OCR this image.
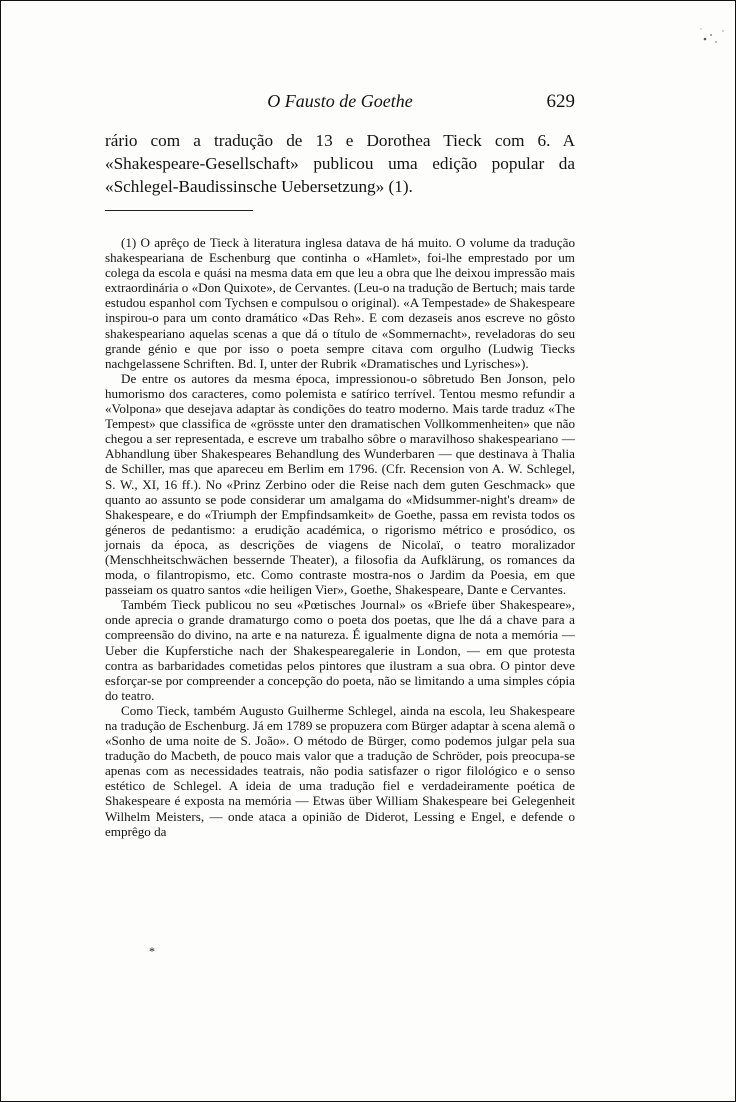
O Fausto de Goethe	629

rário com a tradução de 13 e Dorothea Tieck com 6. A «Shakespeare-Gesellschaft» publicou uma edição popular da «Schlegel-Baudissinsche Uebersetzung» (1).

(1) O aprêço de Tieck à literatura inglesa datava de há muito. O volume da tradução shakespeariana de Eschenburg que continha o «Hamlet», foi-lhe emprestado por um colega da escola e quási na mesma data em que leu a obra que lhe deixou impressão mais extraordinária o «Don Quixote», de Cervantes. (Leu-o na tradução de Bertuch; mais tarde estudou espanhol com Tychsen e compulsou o original). «A Tempestade» de Shakespeare inspirou-o para um conto dramático «Das Reh». E com dezaseis anos escreve no gôsto shakespeariano aquelas scenas a que dá o título de «Sommernacht», reveladoras do seu grande génio e que por isso o poeta sempre citava com orgulho (Ludwig Tiecks nachgelassene Schriften. Bd. I, unter der Rubrik «Dramatisches und Lyrisches»).

De entre os autores da mesma época, impressionou-o sôbretudo Ben Jonson, pelo humorismo dos caracteres, como polemista e satírico terrível. Tentou mesmo refundir a «Volpona» que desejava adaptar às condições do teatro moderno. Mais tarde traduz «The Tempest» que classifica de «grösste unter den dramatischen Vollkommenheiten» que não chegou a ser representada, e escreve um trabalho sôbre o maravilhoso shakespeariano — Abhandlung über Shakespeares Behandlung des Wunderbaren — que destinava à Thalia de Schiller, mas que apareceu em Berlim em 1796. (Cfr. Recension von A. W. Schlegel, S. W., XI, 16 ff.). No «Prinz Zerbino oder die Reise nach dem guten Geschmack» que quanto ao assunto se pode considerar um amalgama do «Midsummer-night's dream» de Shakespeare, e do «Triumph der Empfindsamkeit» de Goethe, passa em revista todos os géneros de pedantismo: a erudição académica, o rigorismo métrico e prosódico, os jornais da época, as descrições de viagens de Nicolaï, o teatro moralizador (Menschheitschwächen bessernde Theater), a filosofia da Aufklärung, os romances da moda, o filantropismo, etc. Como contraste mostra-nos o Jardim da Poesia, em que passeiam os quatro santos «die heiligen Vier», Goethe, Shakespeare, Dante e Cervantes.

Também Tieck publicou no seu «Pœtisches Journal» os «Briefe über Shakespeare», onde aprecia o grande dramaturgo como o poeta dos poetas, que lhe dá a chave para a compreensão do divino, na arte e na natureza. É igualmente digna de nota a memória — Ueber die Kupferstiche nach der Shakespearegalerie in London, — em que protesta contra as barbaridades cometidas pelos pintores que ilustram a sua obra. O pintor deve esforçar-se por compreender a concepção do poeta, não se limitando a uma simples cópia do teatro.

Como Tieck, também Augusto Guilherme Schlegel, ainda na escola, leu Shakespeare na tradução de Eschenburg. Já em 1789 se propuzera com Bürger adaptar à scena alemã o «Sonho de uma noite de S. João». O método de Bürger, como podemos julgar pela sua tradução do Macbeth, de pouco mais valor que a tradução de Schröder, pois preocupa-se apenas com as necessidades teatrais, não podia satisfazer o rigor filológico e o senso estético de Schlegel. A ideia de uma tradução fiel e verdadeiramente poética de Shakespeare é exposta na memória — Etwas über William Shakespeare bei Gelegenheit Wilhelm Meisters, — onde ataca a opinião de Diderot, Lessing e Engel, e defende o emprêgo da

*
